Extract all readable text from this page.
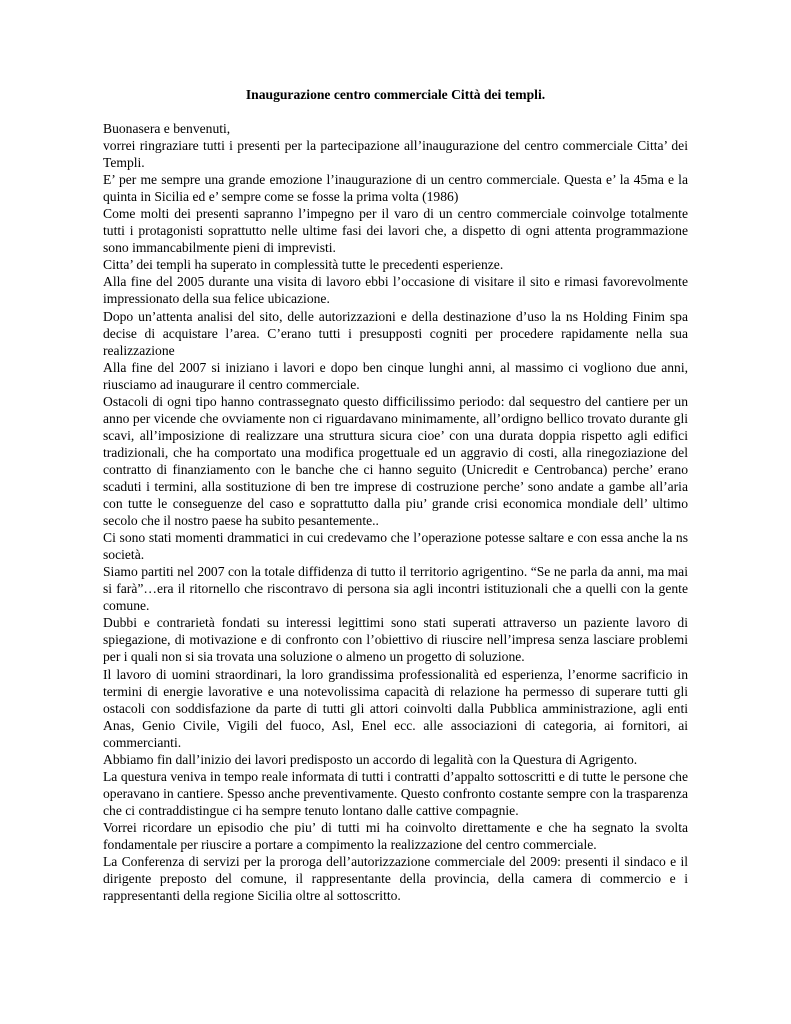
Inaugurazione centro commerciale Città dei templi.

Buonasera e benvenuti,

vorrei ringraziare tutti i presenti per la partecipazione all’inaugurazione del centro commerciale Citta’ dei Templi.

E’ per me sempre una grande emozione l’inaugurazione di un centro commerciale. Questa e’ la 45ma e la quinta in Sicilia ed e’ sempre come se fosse la prima volta (1986)

Come molti dei presenti sapranno l’impegno per il varo di un centro commerciale coinvolge totalmente tutti i protagonisti soprattutto nelle ultime fasi dei lavori che, a dispetto di ogni attenta programmazione sono immancabilmente pieni di imprevisti.

Citta’ dei templi ha superato in complessità tutte le precedenti esperienze.

Alla fine del 2005 durante una visita di lavoro ebbi l’occasione di visitare il sito e rimasi favorevolmente impressionato della sua felice ubicazione.

Dopo un’attenta analisi del sito, delle autorizzazioni e della destinazione d’uso la ns Holding Finim spa decise di acquistare l’area. C’erano tutti i presupposti cogniti per procedere rapidamente nella sua realizzazione

Alla fine del 2007 si iniziano i lavori e dopo ben cinque lunghi anni, al massimo ci vogliono due anni, riusciamo ad inaugurare il centro commerciale.

Ostacoli di ogni tipo hanno contrassegnato questo difficilissimo periodo: dal sequestro del cantiere per un anno per vicende che ovviamente non ci riguardavano minimamente, all’ordigno bellico trovato durante gli scavi, all’imposizione di realizzare una struttura sicura cioe’ con una durata doppia rispetto agli edifici tradizionali, che ha comportato una modifica progettuale ed un aggravio di costi, alla rinegoziazione del contratto di finanziamento con le banche che ci hanno seguito (Unicredit e Centrobanca) perche’ erano scaduti i termini, alla sostituzione di ben tre imprese di costruzione perche’ sono andate a gambe all’aria con tutte le conseguenze del caso e soprattutto dalla piu’ grande crisi economica mondiale dell’ ultimo secolo che il nostro paese ha subito pesantemente..

Ci sono stati momenti drammatici in cui credevamo che l’operazione potesse saltare e con essa anche la ns società.

Siamo partiti nel 2007 con la totale diffidenza di tutto il territorio agrigentino. “Se ne parla da anni, ma mai si farà”…era il ritornello che riscontravo di persona sia agli incontri istituzionali che a quelli con la gente comune.

Dubbi e contrarietà fondati su interessi legittimi sono stati superati attraverso un paziente lavoro di spiegazione, di motivazione e di confronto con l’obiettivo di riuscire nell’impresa senza lasciare problemi per i quali non si sia trovata una soluzione o almeno un progetto di soluzione.

Il lavoro di uomini straordinari, la loro grandissima professionalità ed esperienza, l’enorme sacrificio in termini di energie lavorative e una notevolissima capacità di relazione ha permesso di superare tutti gli ostacoli con soddisfazione da parte di tutti gli attori coinvolti dalla Pubblica amministrazione, agli enti Anas, Genio Civile, Vigili del fuoco, Asl, Enel ecc. alle associazioni di categoria, ai fornitori, ai commercianti.

Abbiamo fin dall’inizio dei lavori predisposto un accordo di legalità con la Questura di Agrigento.

La questura veniva in tempo reale informata di tutti i contratti d’appalto sottoscritti e di tutte le persone che operavano in cantiere. Spesso anche preventivamente. Questo confronto costante sempre con la trasparenza che ci contraddistingue ci ha sempre tenuto lontano dalle cattive compagnie.

Vorrei ricordare un episodio che piu’ di tutti mi ha coinvolto direttamente e che ha segnato la svolta fondamentale per riuscire a portare a compimento la realizzazione del centro commerciale.

La Conferenza di servizi per la proroga dell’autorizzazione commerciale del 2009: presenti il sindaco e il dirigente preposto del comune, il rappresentante della provincia, della camera di commercio e i rappresentanti della regione Sicilia oltre al sottoscritto.
